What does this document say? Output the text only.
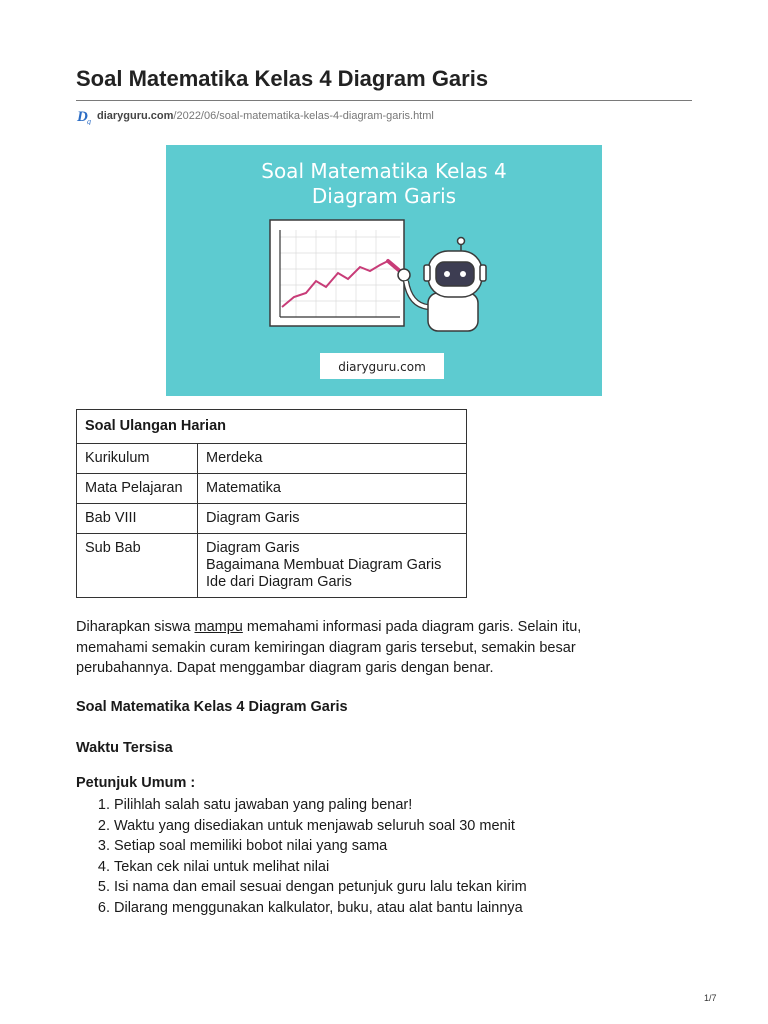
Soal Matematika Kelas 4 Diagram Garis
D g diaryguru.com /2022/06/soal-matematika-kelas-4-diagram-garis.html
Soal Matematika Kelas 4
Diagram Garis
diaryguru.com
Soal Ulangan Harian	
Kurikulum	Merdeka
Mata Pelajaran	Matematika
Bab VIII	Diagram Garis
Sub Bab	Diagram Garis
Bagaimana Membuat Diagram Garis
Ide dari Diagram Garis

Diharapkan siswa mampu memahami informasi pada diagram garis. Selain itu, memahami semakin curam kemiringan diagram garis tersebut, semakin besar perubahannya. Dapat menggambar diagram garis dengan benar.

Soal Matematika Kelas 4 Diagram Garis
Waktu Tersisa
Petunjuk Umum :
1. Pilihlah salah satu jawaban yang paling benar!
2. Waktu yang disediakan untuk menjawab seluruh soal 30 menit
3. Setiap soal memiliki bobot nilai yang sama
4. Tekan cek nilai untuk melihat nilai
5. Isi nama dan email sesuai dengan petunjuk guru lalu tekan kirim
6. Dilarang menggunakan kalkulator, buku, atau alat bantu lainnya
1/7
